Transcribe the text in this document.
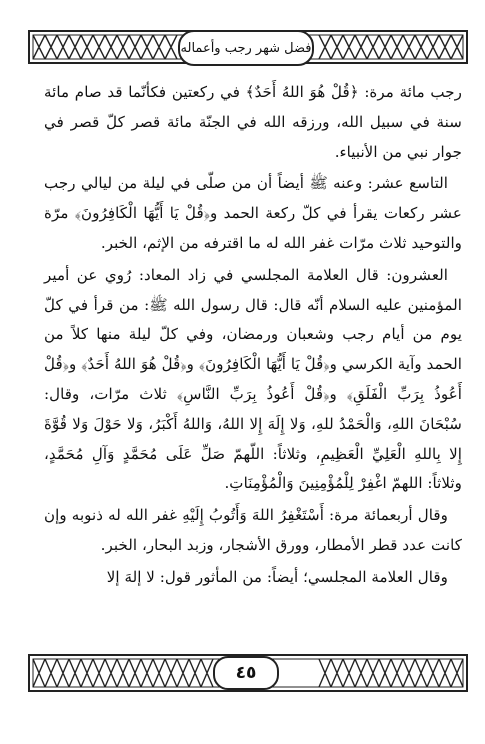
فضل شهر رجب وأعماله

رجب مائة مرة: ﴿قُلْ هُوَ اللهُ أَحَدٌ﴾ في ركعتين فكأنّما قد صام مائة سنة في سبيل الله، ورزقه الله في الجنّة مائة قصر كلّ قصر في جوار نبي من الأنبياء.

التاسع عشر: وعنه ﷺ أيضاً أن من صلّى في ليلة من ليالي رجب عشر ركعات يقرأ في كلّ ركعة الحمد و﴿قُلْ يَا أَيُّهَا الْكَافِرُونَ﴾ مرّة والتوحيد ثلاث مرّات غفر الله له ما اقترفه من الإثم، الخبر.

العشرون: قال العلامة المجلسي في زاد المعاد: رُوي عن أمير المؤمنين عليه السلام أنّه قال: قال رسول الله ﷺ: من قرأ في كلّ يوم من أيام رجب وشعبان ورمضان، وفي كلّ ليلة منها كلاً من الحمد وآية الكرسي و﴿قُلْ يَا أَيُّهَا الْكَافِرُونَ﴾ و﴿قُلْ هُوَ اللهُ أَحَدٌ﴾ و﴿قُلْ أَعُوذُ بِرَبِّ الْفَلَقِ﴾ و﴿قُلْ أَعُوذُ بِرَبِّ النَّاسِ﴾ ثلاث مرّات، وقال: سُبْحَانَ اللهِ، وَالْحَمْدُ للهِ، وَلا إِلَهَ إِلا اللهُ، وَاللهُ أَكْبَرُ، وَلا حَوْلَ وَلا قُوَّةَ إِلا بِاللهِ الْعَلِيِّ الْعَظِيمِ، وثلاثاً: اللّهمّ صَلِّ عَلَى مُحَمَّدٍ وَآلِ مُحَمَّدٍ، وثلاثاً: اللهمّ اغْفِرْ لِلْمُؤْمِنِينَ وَالْمُؤْمِنَاتِ.

وقال أربعمائة مرة: أَسْتَغْفِرُ اللهَ وَأَتُوبُ إِلَيْهِ غفر الله له ذنوبه وإن كانت عدد قطر الأمطار، وورق الأشجار، وزبد البحار، الخبر.

وقال العلامة المجلسي؛ أيضاً: من المأثور قول: لا إلهَ إلا

٤٥
